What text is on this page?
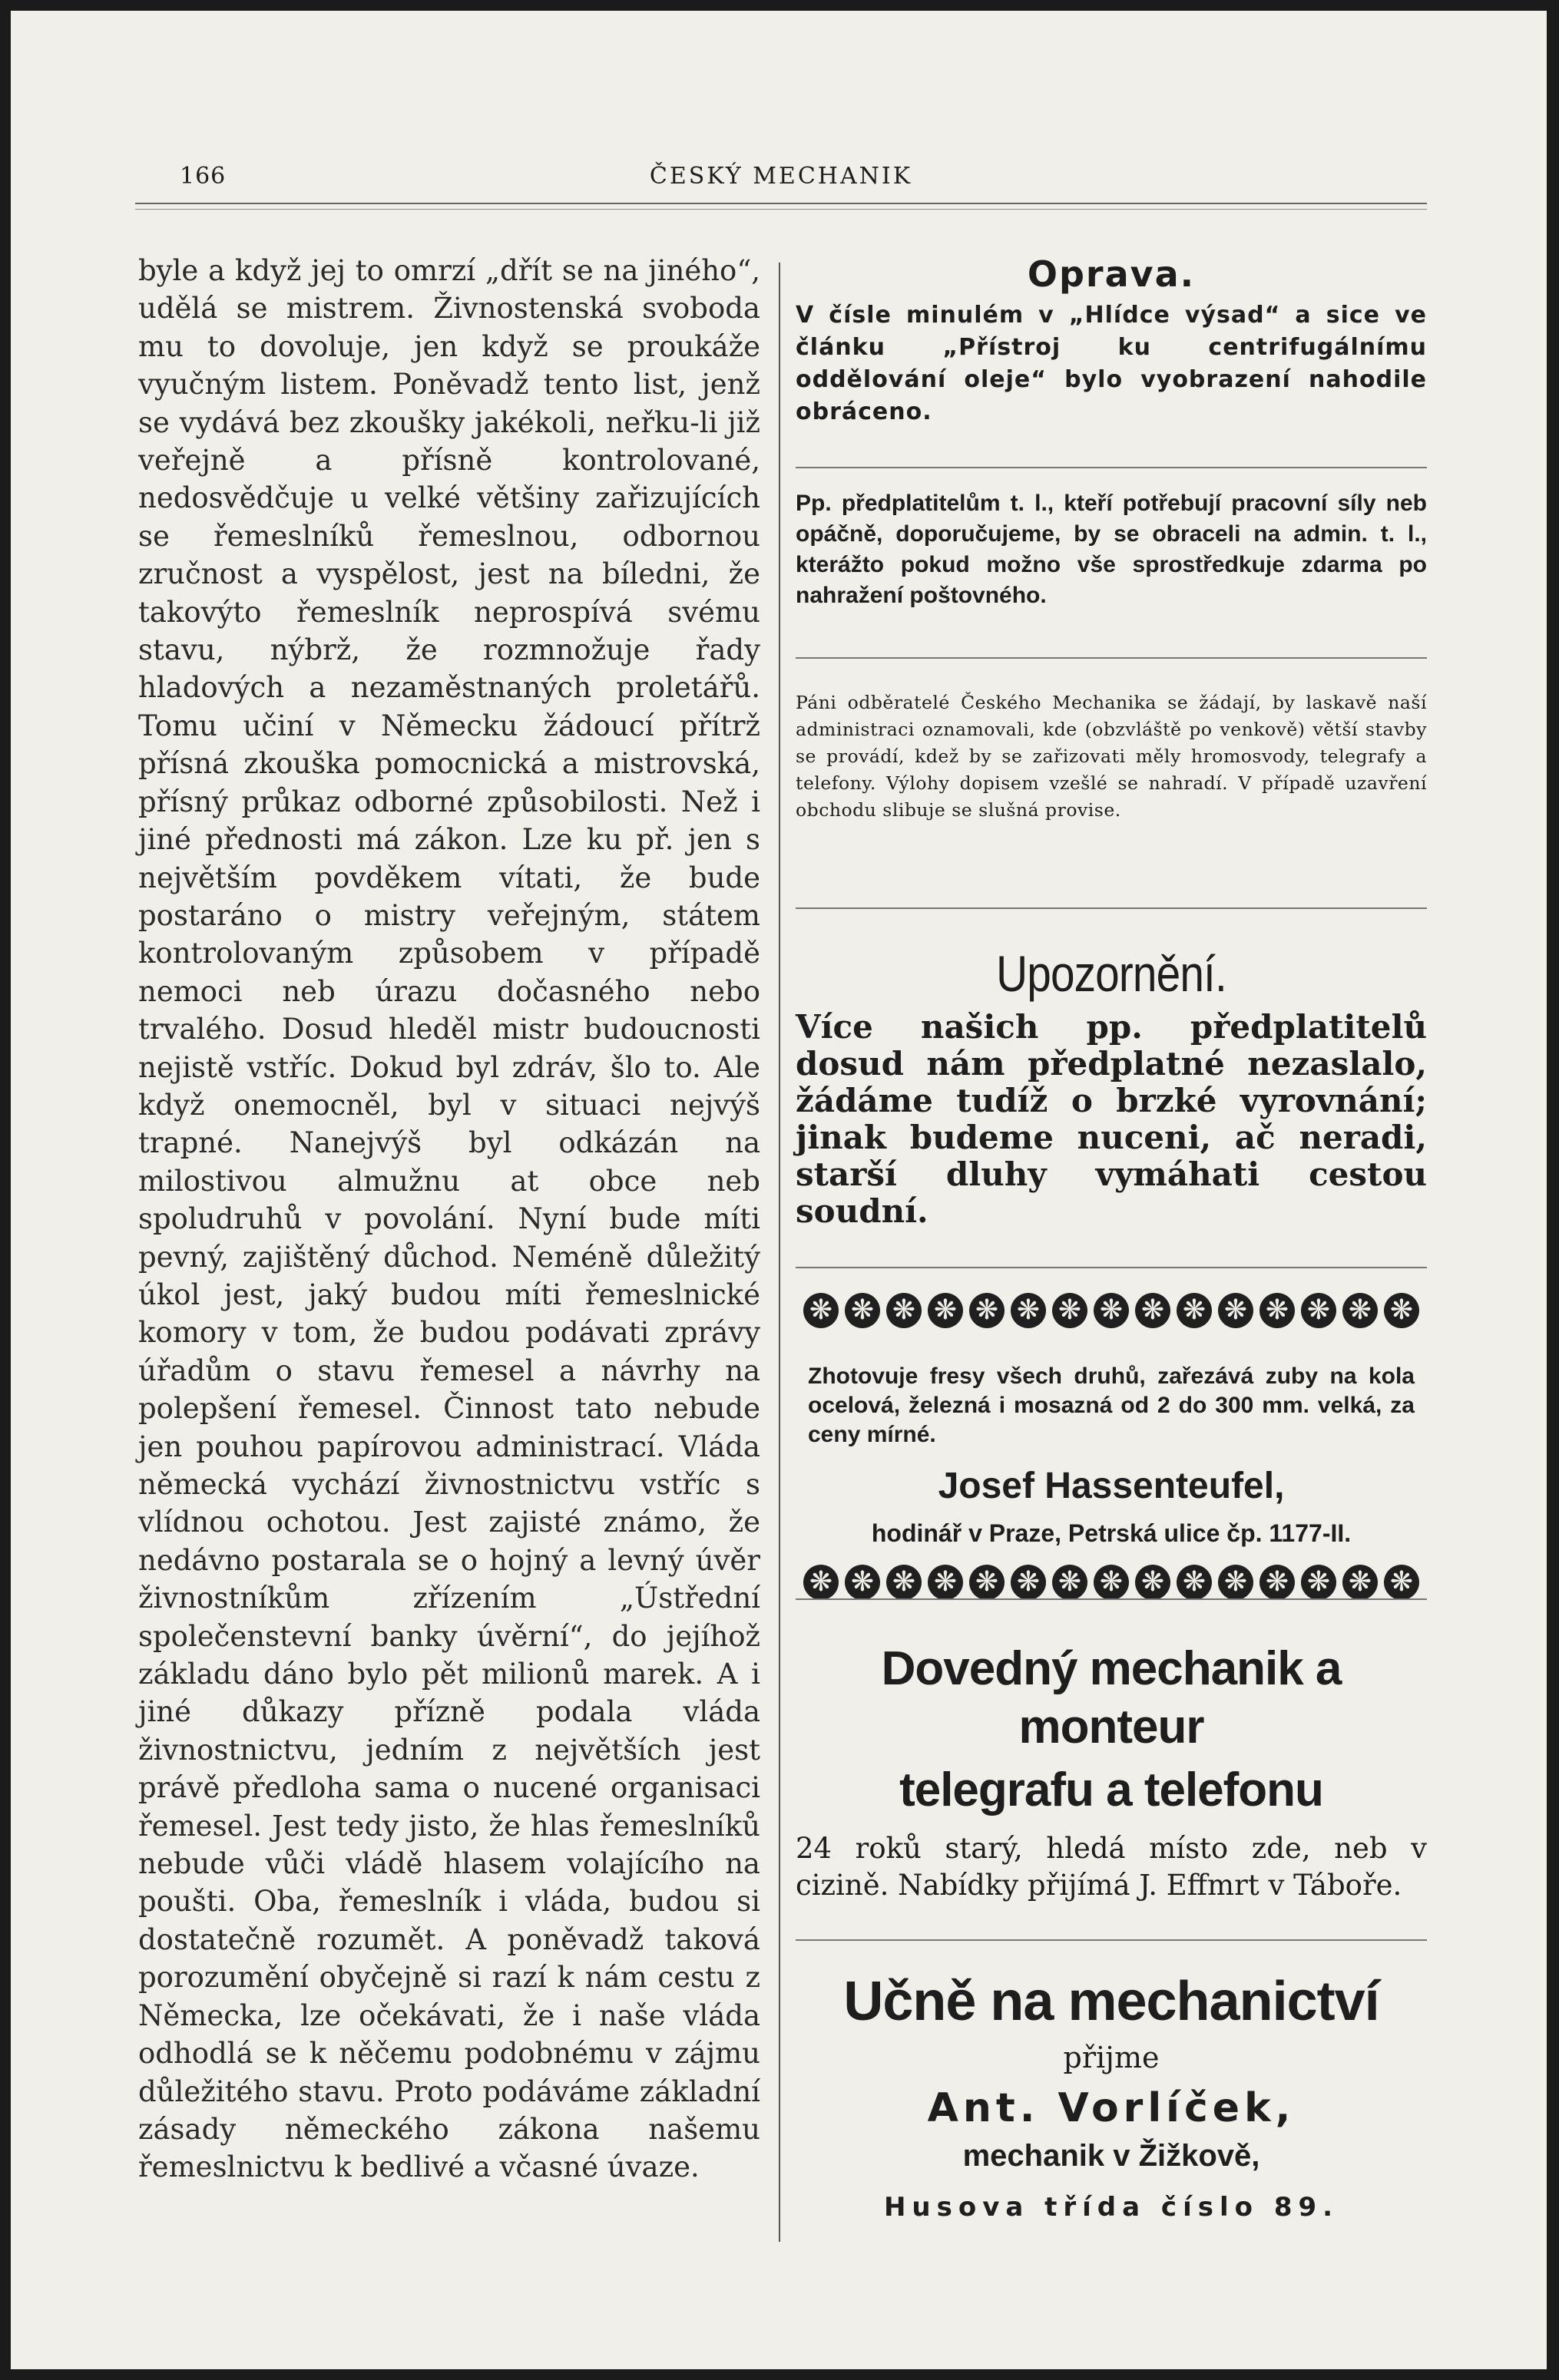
166	ČESKÝ MECHANIK

byle a když jej to omrzí „dřít se na jiného“, udělá se mistrem. Živnostenská svoboda mu to dovoluje, jen když se proukáže vyučným listem. Poněvadž tento list, jenž se vydává bez zkoušky jakékoli, neřku-li již veřejně a přísně kontrolované, nedosvědčuje u velké většiny zařizujících se řemeslníků řemeslnou, odbornou zručnost a vyspělost, jest na bíledni, že takovýto řemeslník neprospívá svému stavu, nýbrž, že rozmnožuje řady hladových a nezaměstnaných proletářů. Tomu učiní v Německu žádoucí přítrž přísná zkouška pomocnická a mistrovská, přísný průkaz odborné způsobilosti. Než i jiné přednosti má zákon. Lze ku př. jen s největším povděkem vítati, že bude postaráno o mistry veřejným, státem kontrolovaným způsobem v případě nemoci neb úrazu dočasného nebo trvalého. Dosud hleděl mistr budoucnosti nejistě vstříc. Dokud byl zdráv, šlo to. Ale když onemocněl, byl v situaci nejvýš trapné. Nanejvýš byl odkázán na milostivou almužnu at obce neb spoludruhů v povolání. Nyní bude míti pevný, zajištěný důchod. Neméně důležitý úkol jest, jaký budou míti řemeslnické komory v tom, že budou podávati zprávy úřadům o stavu řemesel a návrhy na polepšení řemesel. Činnost tato nebude jen pouhou papírovou administrací. Vláda německá vychází živnostnictvu vstříc s vlídnou ochotou. Jest zajisté známo, že nedávno postarala se o hojný a levný úvěr živnostníkům zřízením „Ústřední společenstevní banky úvěrní“, do jejíhož základu dáno bylo pět milionů marek. A i jiné důkazy přízně podala vláda živnostnictvu, jedním z největších jest právě předloha sama o nucené organisaci řemesel. Jest tedy jisto, že hlas řemeslníků nebude vůči vládě hlasem volajícího na poušti. Oba, řemeslník i vláda, budou si dostatečně rozumět. A poněvadž taková porozumění obyčejně si razí k nám cestu z Německa, lze očekávati, že i naše vláda odhodlá se k něčemu podobnému v zájmu důležitého stavu. Proto podáváme základní zásady německého zákona našemu řemeslnictvu k bedlivé a včasné úvaze.

Oprava.

V čísle minulém v „Hlídce výsad“ a sice ve článku „Přístroj ku centrifugálnímu oddělování oleje“ bylo vyobrazení nahodile obráceno.

Pp. předplatitelům t. l., kteří potřebují pracovní síly neb opáčně, doporučujeme, by se obraceli na admin. t. l., kterážto pokud možno vše sprostředkuje zdarma po nahražení poštovného.

Páni odběratelé Českého Mechanika se žádají, by laskavě naší administraci oznamovali, kde (obzvláště po venkově) větší stavby se provádí, kdež by se zařizovati měly hromosvody, telegrafy a telefony. Výlohy dopisem vzešlé se nahradí. V případě uzavření obchodu slibuje se slušná provise.

Upozornění.

Více našich pp. předplatitelů dosud nám předplatné nezaslalo, žádáme tudíž o brzké vyrovnání; jinak budeme nuceni, ač neradi, starší dluhy vymáhati cestou soudní.

❋ ❋ ❋ ❋ ❋ ❋ ❋ ❋ ❋ ❋ ❋ ❋ ❋ ❋ ❋

Zhotovuje fresy všech druhů, zařezává zuby na kola ocelová, železná i mosazná od 2 do 300 mm. velká, za ceny mírné.

Josef Hassenteufel,

hodinář v Praze, Petrská ulice čp. 1177-II.

❋ ❋ ❋ ❋ ❋ ❋ ❋ ❋ ❋ ❋ ❋ ❋ ❋ ❋ ❋

Dovedný mechanik a monteur

telegrafu a telefonu

24 roků starý, hledá místo zde, neb v cizině. Nabídky přijímá J. Effmrt v Táboře.

Učně na mechanictví

přijme

Ant. Vorlíček,

mechanik v Žižkově,

Husova třída číslo 89.
